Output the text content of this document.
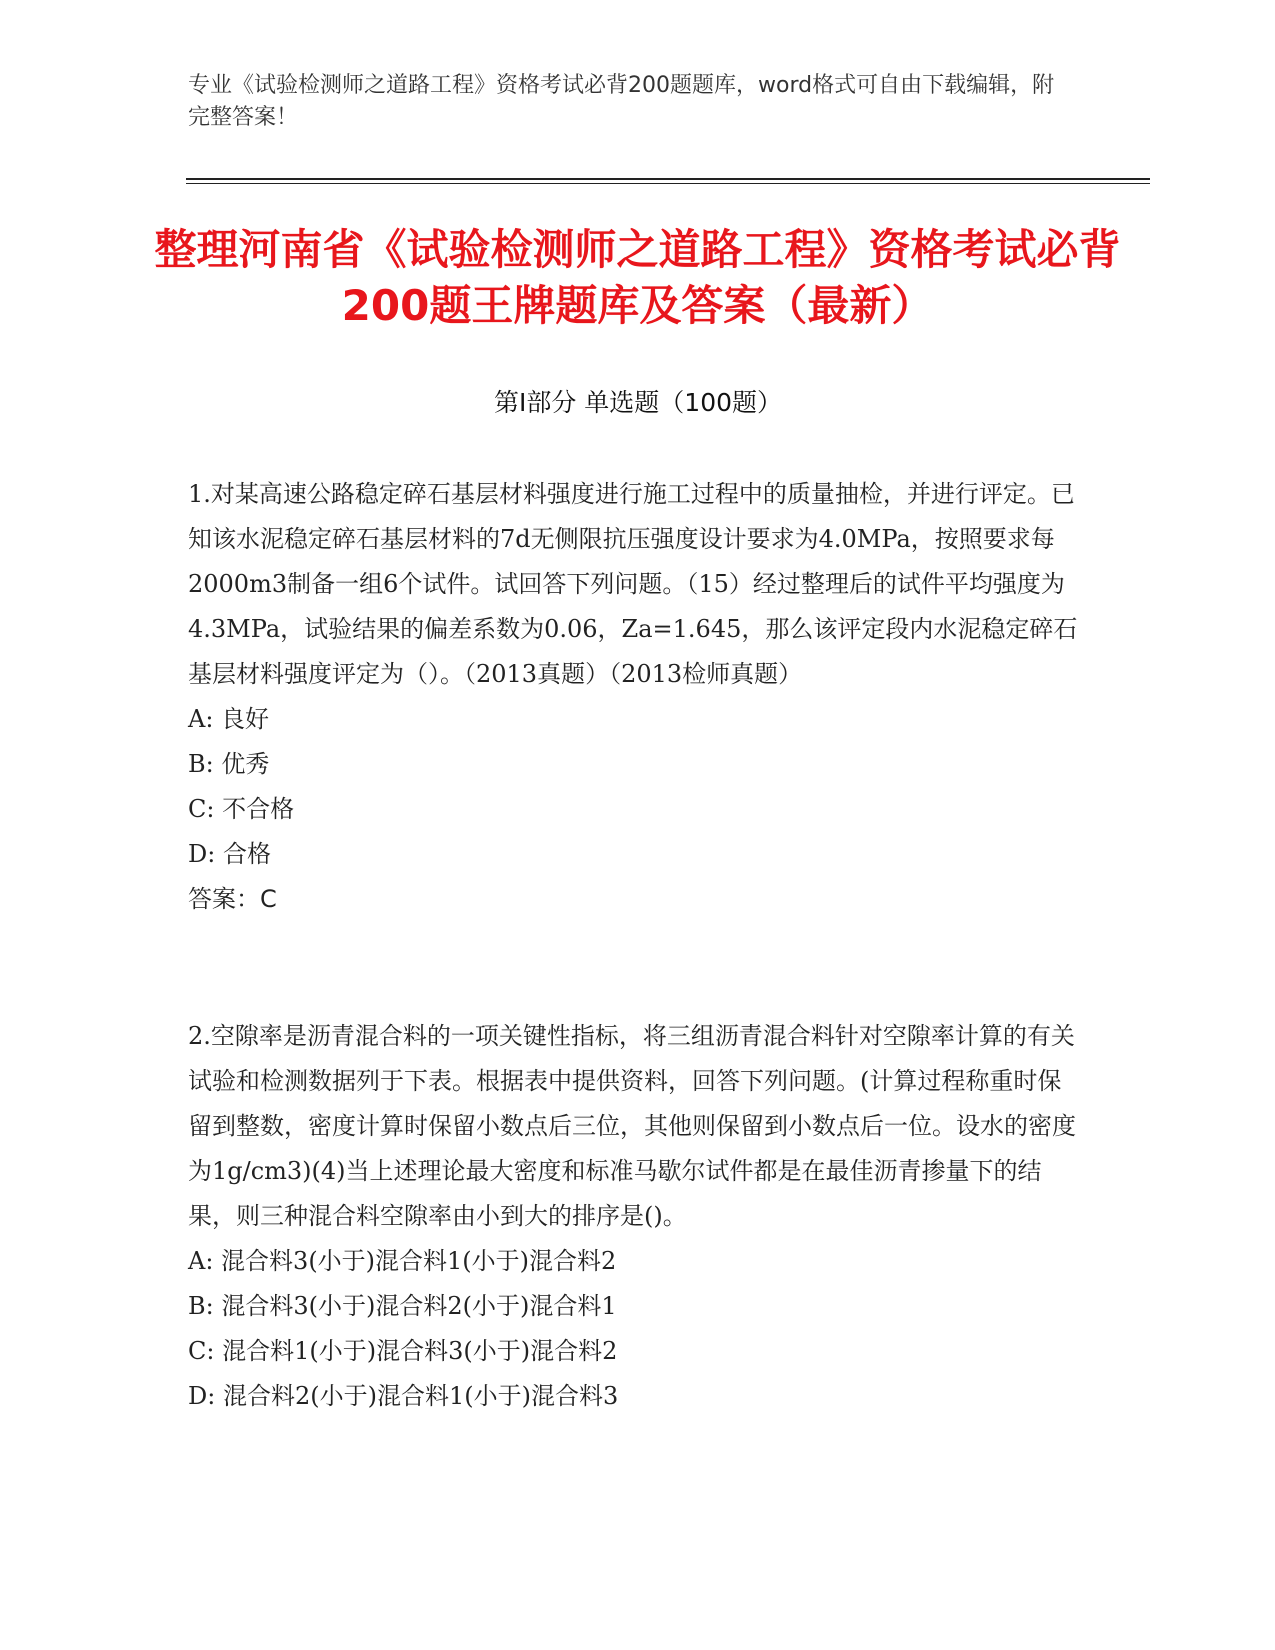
专业《试验检测师之道路工程》资格考试必背200题题库，word格式可自由下载编辑，附完整答案！
整理河南省《试验检测师之道路工程》资格考试必背200题王牌题库及答案（最新）
第Ⅰ部分 单选题（100题）
1.对某高速公路稳定碎石基层材料强度进行施工过程中的质量抽检，并进行评定。已知该水泥稳定碎石基层材料的7d无侧限抗压强度设计要求为4.0MPa，按照要求每2000m3制备一组6个试件。试回答下列问题。（15）经过整理后的试件平均强度为4.3MPa，试验结果的偏差系数为0.06，Za=1.645，那么该评定段内水泥稳定碎石基层材料强度评定为（）。（2013真题）（2013检师真题）
A: 良好
B: 优秀
C: 不合格
D: 合格
答案：C
2.空隙率是沥青混合料的一项关键性指标，将三组沥青混合料针对空隙率计算的有关试验和检测数据列于下表。根据表中提供资料，回答下列问题。(计算过程称重时保留到整数，密度计算时保留小数点后三位，其他则保留到小数点后一位。设水的密度为1g/cm3)(4)当上述理论最大密度和标准马歇尔试件都是在最佳沥青掺量下的结果，则三种混合料空隙率由小到大的排序是()。
A: 混合料3(小于)混合料1(小于)混合料2
B: 混合料3(小于)混合料2(小于)混合料1
C: 混合料1(小于)混合料3(小于)混合料2
D: 混合料2(小于)混合料1(小于)混合料3
